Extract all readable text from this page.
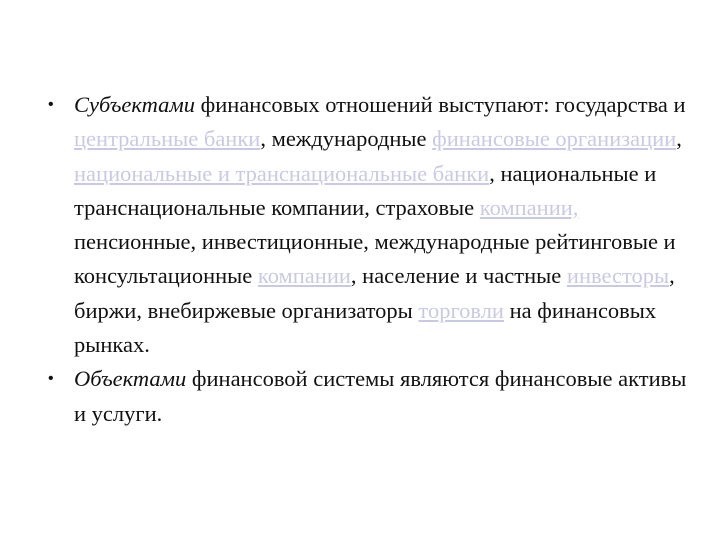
• Субъектами финансовых отношений выступают: государства и центральные банки, международные финансовые организации, национальные и транснациональные банки, национальные и транснациональные компании, страховые компании, пенсионные, инвестиционные, международные рейтинговые и консультационные компании, население и частные инвесторы, биржи, внебиржевые организаторы торговли на финансовых рынках.
• Объектами финансовой системы являются финансовые активы и услуги.
